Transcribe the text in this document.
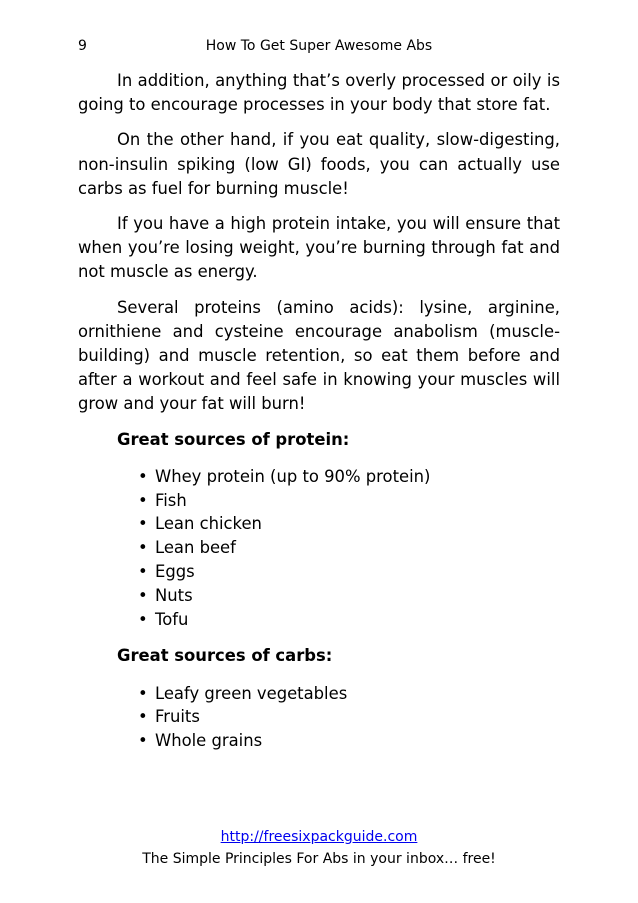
9	How To Get Super Awesome Abs

In addition, anything that’s overly processed or oily is going to encourage processes in your body that store fat.

On the other hand, if you eat quality, slow-digesting, non-insulin spiking (low GI) foods, you can actually use carbs as fuel for burning muscle!

If you have a high protein intake, you will ensure that when you’re losing weight, you’re burning through fat and not muscle as energy.

Several proteins (amino acids): lysine, arginine, ornithiene and cysteine encourage anabolism (muscle-building) and muscle retention, so eat them before and after a workout and feel safe in knowing your muscles will grow and your fat will burn!

Great sources of protein:

• Whey protein (up to 90% protein)
• Fish
• Lean chicken
• Lean beef
• Eggs
• Nuts
• Tofu

Great sources of carbs:

• Leafy green vegetables
• Fruits
• Whole grains
http://freesixpackguide.com
The Simple Principles For Abs in your inbox… free!
